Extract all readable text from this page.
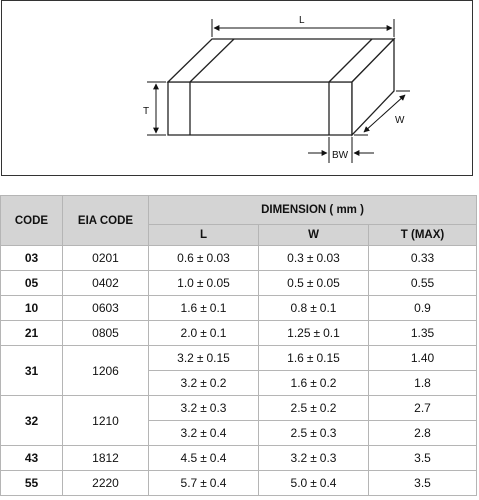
L
T
W
BW
CODE	EIA CODE	DIMENSION ( mm )		
		L	W	T (MAX)
03	0201	0.6 ± 0.03	0.3 ± 0.03	0.33
05	0402	1.0 ± 0.05	0.5 ± 0.05	0.55
10	0603	1.6 ± 0.1	0.8 ± 0.1	0.9
21	0805	2.0 ± 0.1	1.25 ± 0.1	1.35
31	1206	3.2 ± 0.15	1.6 ± 0.15	1.40
		3.2 ± 0.2	1.6 ± 0.2	1.8
32	1210	3.2 ± 0.3	2.5 ± 0.2	2.7
		3.2 ± 0.4	2.5 ± 0.3	2.8
43	1812	4.5 ± 0.4	3.2 ± 0.3	3.5
55	2220	5.7 ± 0.4	5.0 ± 0.4	3.5
